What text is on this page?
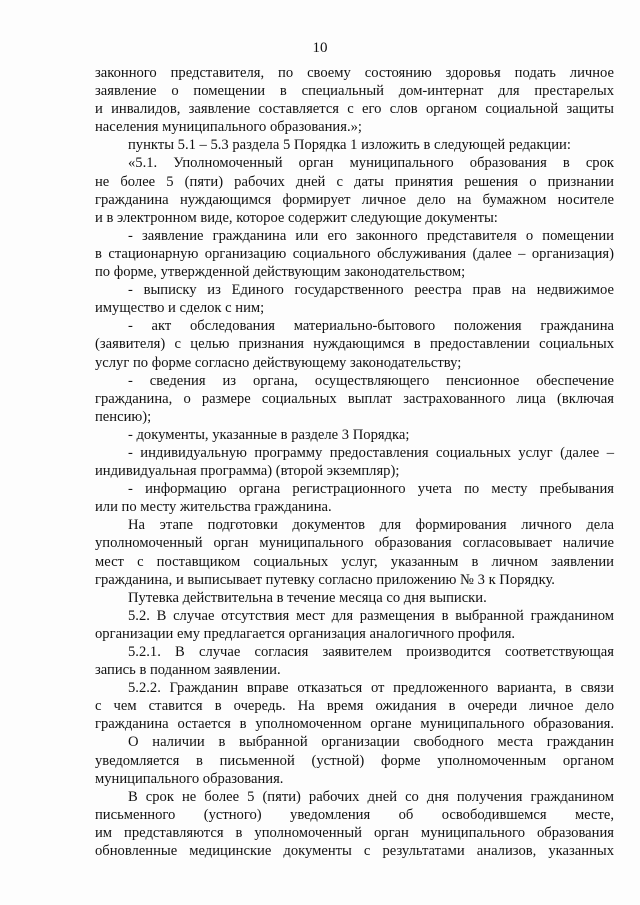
10
законного представителя, по своему состоянию здоровья подать личное
заявление о помещении в специальный дом-интернат для престарелых
и инвалидов, заявление составляется с его слов органом социальной защиты
населения муниципального образования.»;
пункты 5.1 – 5.3 раздела 5 Порядка 1 изложить в следующей редакции:
«5.1. Уполномоченный орган муниципального образования в срок
не более 5 (пяти) рабочих дней с даты принятия решения о признании
гражданина нуждающимся формирует личное дело на бумажном носителе
и в электронном виде, которое содержит следующие документы:
- заявление гражданина или его законного представителя о помещении
в стационарную организацию социального обслуживания (далее – организация)
по форме, утвержденной действующим законодательством;
- выписку из Единого государственного реестра прав на недвижимое
имущество и сделок с ним;
- акт обследования материально-бытового положения гражданина
(заявителя) с целью признания нуждающимся в предоставлении социальных
услуг по форме согласно действующему законодательству;
- сведения из органа, осуществляющего пенсионное обеспечение
гражданина, о размере социальных выплат застрахованного лица (включая
пенсию);
- документы, указанные в разделе 3 Порядка;
- индивидуальную программу предоставления социальных услуг (далее –
индивидуальная программа) (второй экземпляр);
- информацию органа регистрационного учета по месту пребывания
или по месту жительства гражданина.
На этапе подготовки документов для формирования личного дела
уполномоченный орган муниципального образования согласовывает наличие
мест с поставщиком социальных услуг, указанным в личном заявлении
гражданина, и выписывает путевку согласно приложению № 3 к Порядку.
Путевка действительна в течение месяца со дня выписки.
5.2. В случае отсутствия мест для размещения в выбранной гражданином
организации ему предлагается организация аналогичного профиля.
5.2.1. В случае согласия заявителем производится соответствующая
запись в поданном заявлении.
5.2.2. Гражданин вправе отказаться от предложенного варианта, в связи
с чем ставится в очередь. На время ожидания в очереди личное дело
гражданина остается в уполномоченном органе муниципального образования.
О наличии в выбранной организации свободного места гражданин
уведомляется в письменной (устной) форме уполномоченным органом
муниципального образования.
В срок не более 5 (пяти) рабочих дней со дня получения гражданином
письменного (устного) уведомления об освободившемся месте,
им представляются в уполномоченный орган муниципального образования
обновленные медицинские документы с результатами анализов, указанных
